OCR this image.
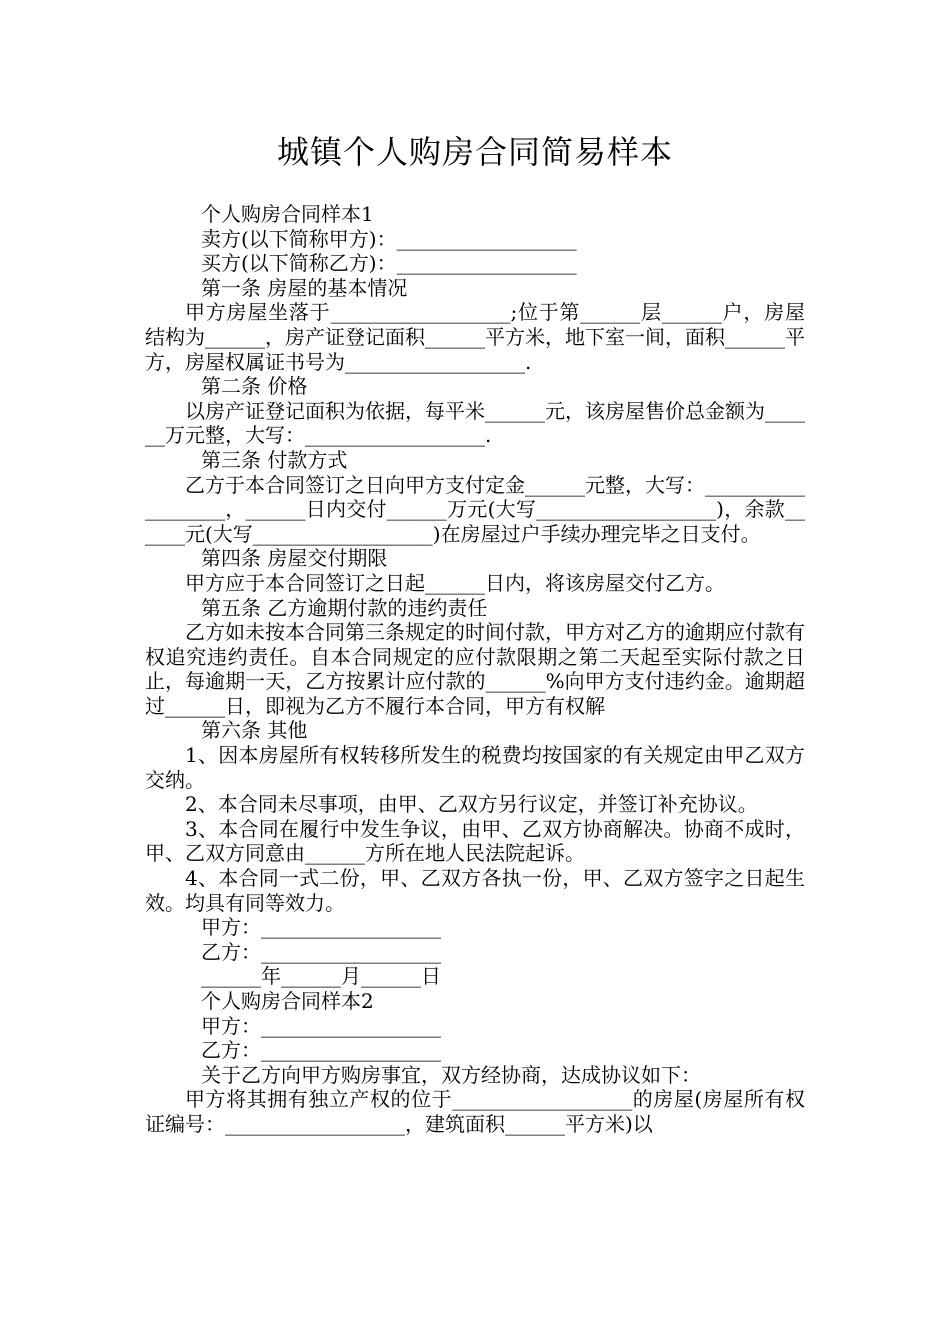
城镇个人购房合同简易样本
个人购房合同样本1
卖方(以下简称甲方)：__________________
买方(以下简称乙方)：__________________
第一条 房屋的基本情况
甲方房屋坐落于__________________;位于第______层______户，房屋结构为______，房产证登记面积______平方米，地下室一间，面积______平方，房屋权属证书号为__________________.
第二条 价格
以房产证登记面积为依据，每平米______元，该房屋售价总金额为______万元整，大写：__________________.
第三条 付款方式
乙方于本合同签订之日向甲方支付定金______元整，大写：__________________，______日内交付______万元(大写__________________)，余款______元(大写__________________)在房屋过户手续办理完毕之日支付。
第四条 房屋交付期限
甲方应于本合同签订之日起______日内，将该房屋交付乙方。
第五条 乙方逾期付款的违约责任
乙方如未按本合同第三条规定的时间付款，甲方对乙方的逾期应付款有权追究违约责任。自本合同规定的应付款限期之第二天起至实际付款之日止，每逾期一天，乙方按累计应付款的______%向甲方支付违约金。逾期超过______日，即视为乙方不履行本合同，甲方有权解
第六条 其他
1、因本房屋所有权转移所发生的税费均按国家的有关规定由甲乙双方交纳。
2、本合同未尽事项，由甲、乙双方另行议定，并签订补充协议。
3、本合同在履行中发生争议，由甲、乙双方协商解决。协商不成时，甲、乙双方同意由______方所在地人民法院起诉。
4、本合同一式二份，甲、乙双方各执一份，甲、乙双方签字之日起生效。均具有同等效力。
甲方：__________________
乙方：__________________
______年______月______日
个人购房合同样本2
甲方：__________________
乙方：__________________
关于乙方向甲方购房事宜，双方经协商，达成协议如下：
甲方将其拥有独立产权的位于__________________的房屋(房屋所有权证编号：__________________，建筑面积______平方米)以
